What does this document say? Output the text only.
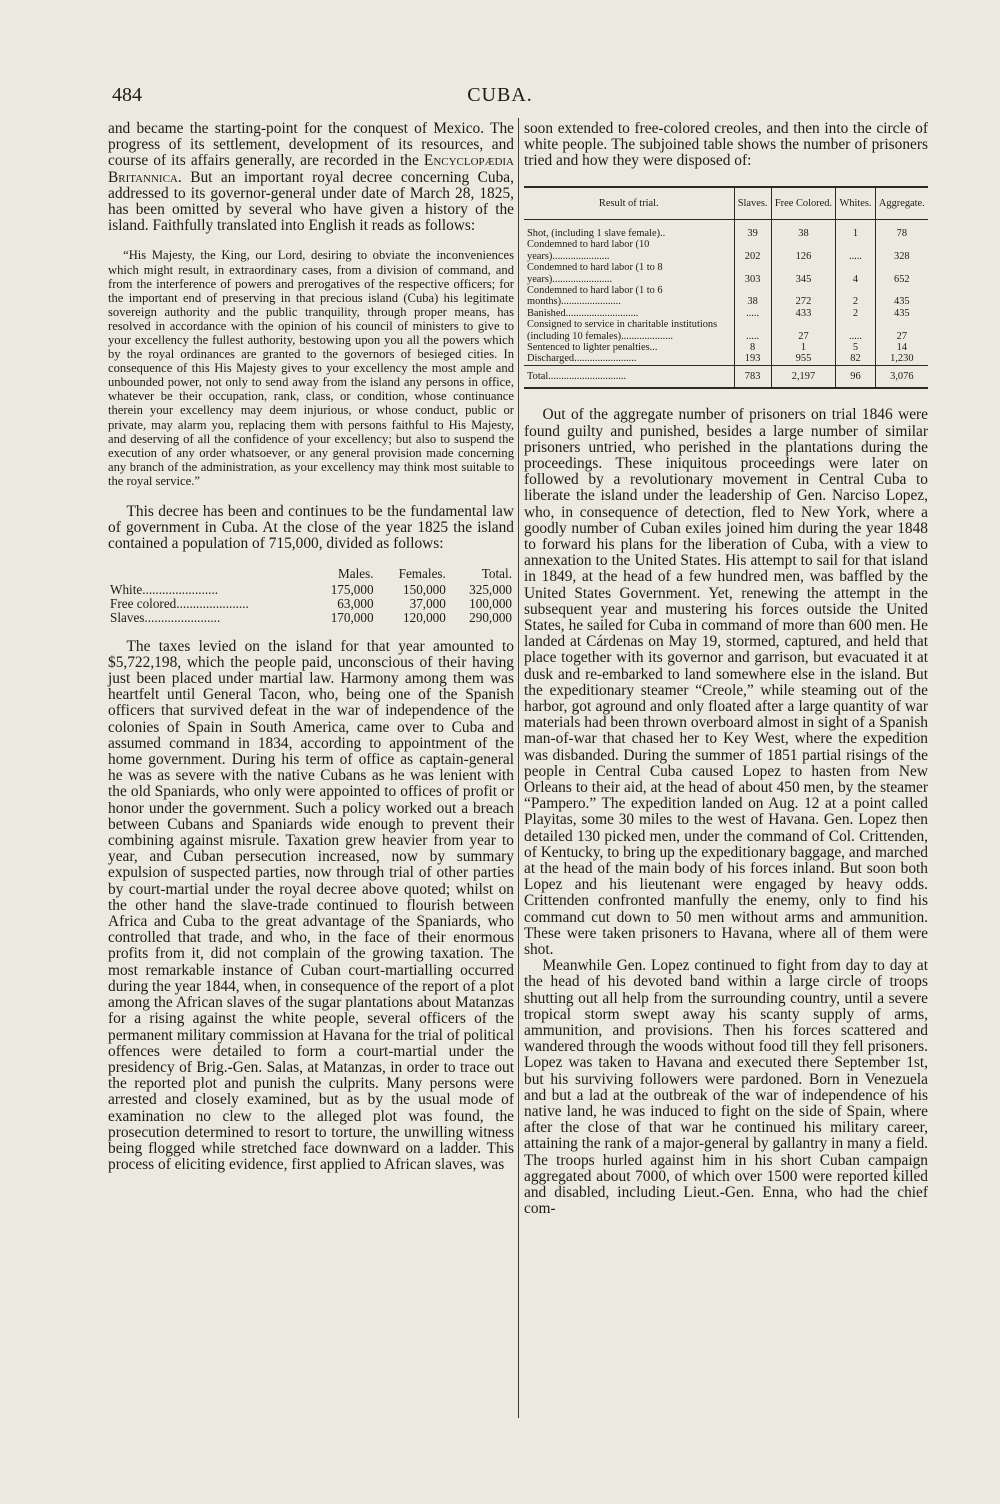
484	CUBA.

and became the starting-point for the conquest of Mexico. The progress of its settlement, development of its resources, and course of its affairs generally, are recorded in the Encyclopædia Britannica. But an important royal decree concerning Cuba, addressed to its governor-general under date of March 28, 1825, has been omitted by several who have given a history of the island. Faithfully translated into English it reads as follows:

“His Majesty, the King, our Lord, desiring to obviate the inconveniences which might result, in extraordinary cases, from a division of command, and from the interference of powers and prerogatives of the respective officers; for the important end of preserving in that precious island (Cuba) his legitimate sovereign authority and the public tranquility, through proper means, has resolved in accordance with the opinion of his council of ministers to give to your excellency the fullest authority, bestowing upon you all the powers which by the royal ordinances are granted to the governors of besieged cities. In consequence of this His Majesty gives to your excellency the most ample and unbounded power, not only to send away from the island any persons in office, whatever be their occupation, rank, class, or condition, whose continuance therein your excellency may deem injurious, or whose conduct, public or private, may alarm you, replacing them with persons faithful to His Majesty, and deserving of all the confidence of your excellency; but also to suspend the execution of any order whatsoever, or any general provision made concerning any branch of the administration, as your excellency may think most suitable to the royal service.”

This decree has been and continues to be the fundamental law of government in Cuba. At the close of the year 1825 the island contained a population of 715,000, divided as follows:

	Males.	Females.	Total.
White.......................	175,000	150,000	325,000
Free colored......................	63,000	37,000	100,000
Slaves.......................	170,000	120,000	290,000

The taxes levied on the island for that year amounted to $5,722,198, which the people paid, unconscious of their having just been placed under martial law. Harmony among them was heartfelt until General Tacon, who, being one of the Spanish officers that survived defeat in the war of independence of the colonies of Spain in South America, came over to Cuba and assumed command in 1834, according to appointment of the home government. During his term of office as captain-general he was as severe with the native Cubans as he was lenient with the old Spaniards, who only were appointed to offices of profit or honor under the government. Such a policy worked out a breach between Cubans and Spaniards wide enough to prevent their combining against misrule. Taxation grew heavier from year to year, and Cuban persecution increased, now by summary expulsion of suspected parties, now through trial of other parties by court-martial under the royal decree above quoted; whilst on the other hand the slave-trade continued to flourish between Africa and Cuba to the great advantage of the Spaniards, who controlled that trade, and who, in the face of their enormous profits from it, did not complain of the growing taxation. The most remarkable instance of Cuban court-martialling occurred during the year 1844, when, in consequence of the report of a plot among the African slaves of the sugar plantations about Matanzas for a rising against the white people, several officers of the permanent military commission at Havana for the trial of political offences were detailed to form a court-martial under the presidency of Brig.-Gen. Salas, at Matanzas, in order to trace out the reported plot and punish the culprits. Many persons were arrested and closely examined, but as by the usual mode of examination no clew to the alleged plot was found, the prosecution determined to resort to torture, the unwilling witness being flogged while stretched face downward on a ladder. This process of eliciting evidence, first applied to African slaves, was

soon extended to free-colored creoles, and then into the circle of white people. The subjoined table shows the number of prisoners tried and how they were disposed of:

Result of trial.	Slaves.	Free Colored.	Whites.	Aggregate.
Shot, (including 1 slave female)..	39	38	1	78
Condemned to hard labor (10 years)......................	202	126	.....	328
Condemned to hard labor (1 to 8 years).......................	303	345	4	652
Condemned to hard labor (1 to 6 months).......................	38	272	2	435
Banished............................	.....	433	2	435
Consigned to service in charitable institutions (including 10 females)....................	.....	27	.....	27
Sentenced to lighter penalties...	8	1	5	14
Discharged........................	193	955	82	1,230
Total..............................	783	2,197	96	3,076

Out of the aggregate number of prisoners on trial 1846 were found guilty and punished, besides a large number of similar prisoners untried, who perished in the plantations during the proceedings. These iniquitous proceedings were later on followed by a revolutionary movement in Central Cuba to liberate the island under the leadership of Gen. Narciso Lopez, who, in consequence of detection, fled to New York, where a goodly number of Cuban exiles joined him during the year 1848 to forward his plans for the liberation of Cuba, with a view to annexation to the United States. His attempt to sail for that island in 1849, at the head of a few hundred men, was baffled by the United States Government. Yet, renewing the attempt in the subsequent year and mustering his forces outside the United States, he sailed for Cuba in command of more than 600 men. He landed at Cárdenas on May 19, stormed, captured, and held that place together with its governor and garrison, but evacuated it at dusk and re-embarked to land somewhere else in the island. But the expeditionary steamer “Creole,” while steaming out of the harbor, got aground and only floated after a large quantity of war materials had been thrown overboard almost in sight of a Spanish man-of-war that chased her to Key West, where the expedition was disbanded. During the summer of 1851 partial risings of the people in Central Cuba caused Lopez to hasten from New Orleans to their aid, at the head of about 450 men, by the steamer “Pampero.” The expedition landed on Aug. 12 at a point called Playitas, some 30 miles to the west of Havana. Gen. Lopez then detailed 130 picked men, under the command of Col. Crittenden, of Kentucky, to bring up the expeditionary baggage, and marched at the head of the main body of his forces inland. But soon both Lopez and his lieutenant were engaged by heavy odds. Crittenden confronted manfully the enemy, only to find his command cut down to 50 men without arms and ammunition. These were taken prisoners to Havana, where all of them were shot.

Meanwhile Gen. Lopez continued to fight from day to day at the head of his devoted band within a large circle of troops shutting out all help from the surrounding country, until a severe tropical storm swept away his scanty supply of arms, ammunition, and provisions. Then his forces scattered and wandered through the woods without food till they fell prisoners. Lopez was taken to Havana and executed there September 1st, but his surviving followers were pardoned. Born in Venezuela and but a lad at the outbreak of the war of independence of his native land, he was induced to fight on the side of Spain, where after the close of that war he continued his military career, attaining the rank of a major-general by gallantry in many a field. The troops hurled against him in his short Cuban campaign aggregated about 7000, of which over 1500 were reported killed and disabled, including Lieut.-Gen. Enna, who had the chief com-
